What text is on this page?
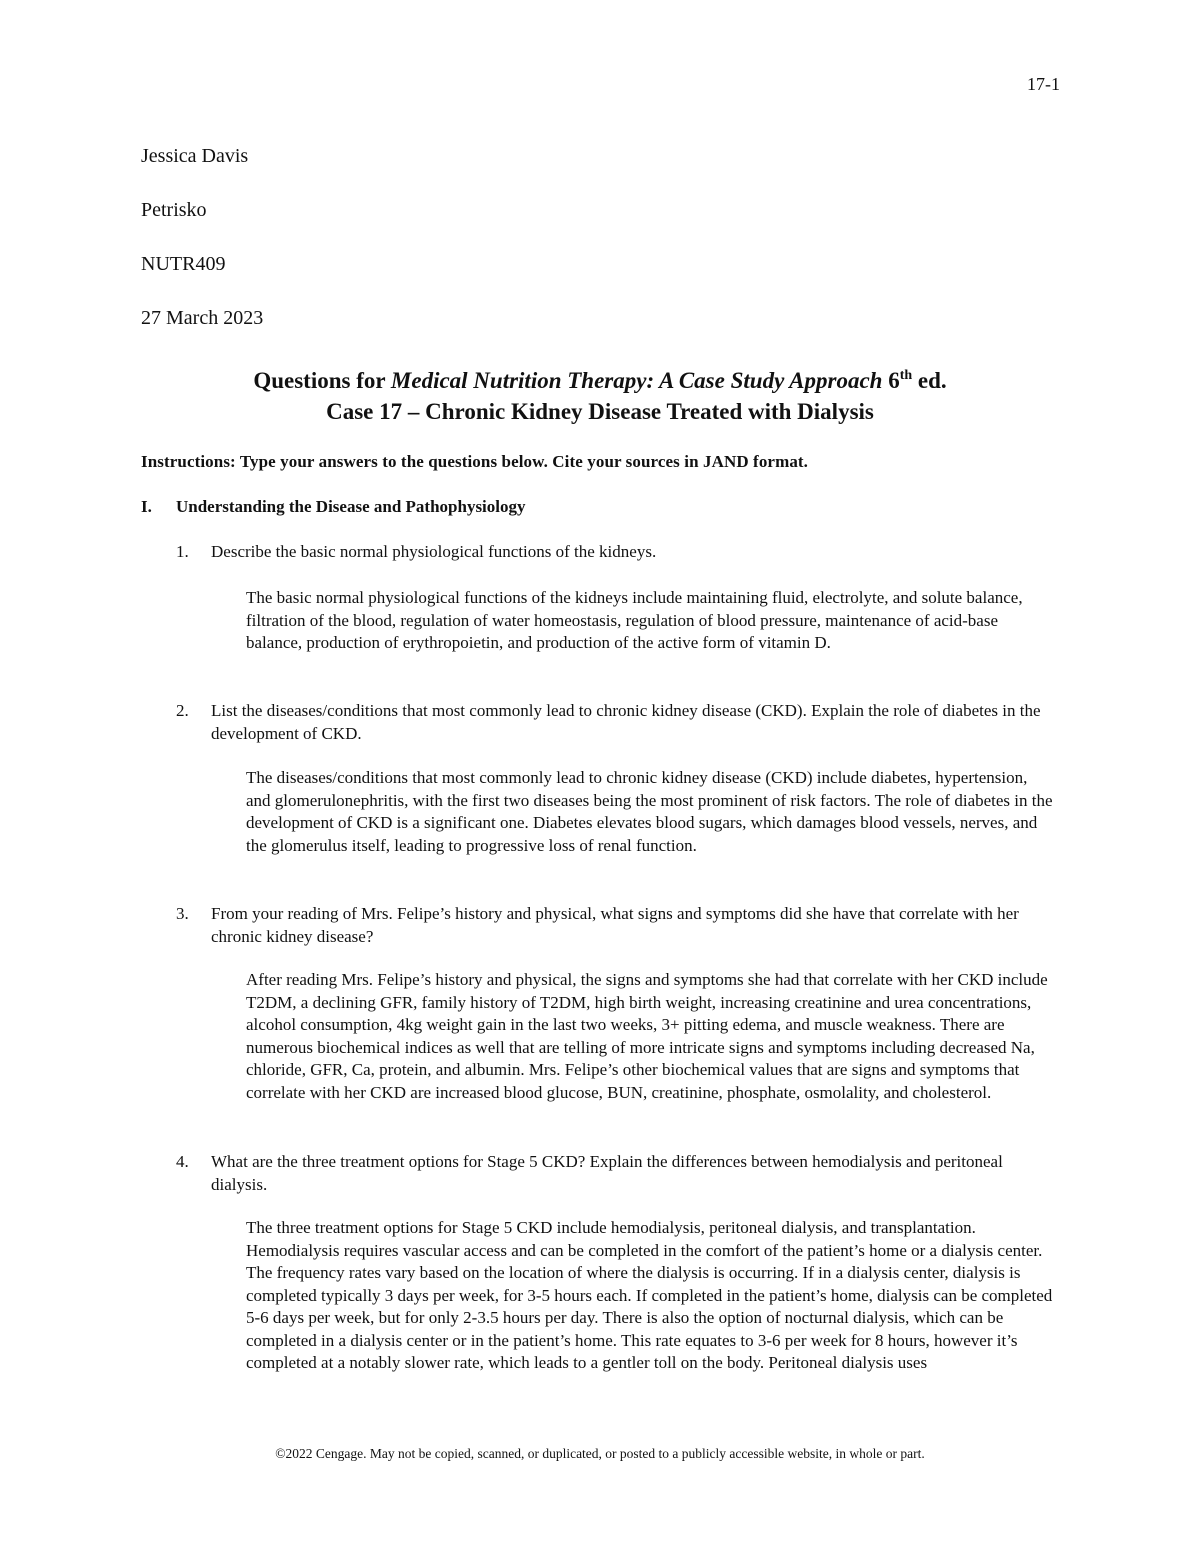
17-1
Jessica Davis
Petrisko
NUTR409
27 March 2023
Questions for Medical Nutrition Therapy: A Case Study Approach 6th ed.
Case 17 – Chronic Kidney Disease Treated with Dialysis
Instructions: Type your answers to the questions below. Cite your sources in JAND format.
I. Understanding the Disease and Pathophysiology
1. Describe the basic normal physiological functions of the kidneys.
The basic normal physiological functions of the kidneys include maintaining fluid, electrolyte, and solute balance, filtration of the blood, regulation of water homeostasis, regulation of blood pressure, maintenance of acid-base balance, production of erythropoietin, and production of the active form of vitamin D.
2. List the diseases/conditions that most commonly lead to chronic kidney disease (CKD). Explain the role of diabetes in the development of CKD.
The diseases/conditions that most commonly lead to chronic kidney disease (CKD) include diabetes, hypertension, and glomerulonephritis, with the first two diseases being the most prominent of risk factors. The role of diabetes in the development of CKD is a significant one. Diabetes elevates blood sugars, which damages blood vessels, nerves, and the glomerulus itself, leading to progressive loss of renal function.
3. From your reading of Mrs. Felipe’s history and physical, what signs and symptoms did she have that correlate with her chronic kidney disease?
After reading Mrs. Felipe’s history and physical, the signs and symptoms she had that correlate with her CKD include T2DM, a declining GFR, family history of T2DM, high birth weight, increasing creatinine and urea concentrations, alcohol consumption, 4kg weight gain in the last two weeks, 3+ pitting edema, and muscle weakness. There are numerous biochemical indices as well that are telling of more intricate signs and symptoms including decreased Na, chloride, GFR, Ca, protein, and albumin. Mrs. Felipe’s other biochemical values that are signs and symptoms that correlate with her CKD are increased blood glucose, BUN, creatinine, phosphate, osmolality, and cholesterol.
4. What are the three treatment options for Stage 5 CKD? Explain the differences between hemodialysis and peritoneal dialysis.
The three treatment options for Stage 5 CKD include hemodialysis, peritoneal dialysis, and transplantation. Hemodialysis requires vascular access and can be completed in the comfort of the patient’s home or a dialysis center. The frequency rates vary based on the location of where the dialysis is occurring. If in a dialysis center, dialysis is completed typically 3 days per week, for 3-5 hours each. If completed in the patient’s home, dialysis can be completed 5-6 days per week, but for only 2-3.5 hours per day. There is also the option of nocturnal dialysis, which can be completed in a dialysis center or in the patient’s home. This rate equates to 3-6 per week for 8 hours, however it’s completed at a notably slower rate, which leads to a gentler toll on the body. Peritoneal dialysis uses
©2022 Cengage. May not be copied, scanned, or duplicated, or posted to a publicly accessible website, in whole or part.
